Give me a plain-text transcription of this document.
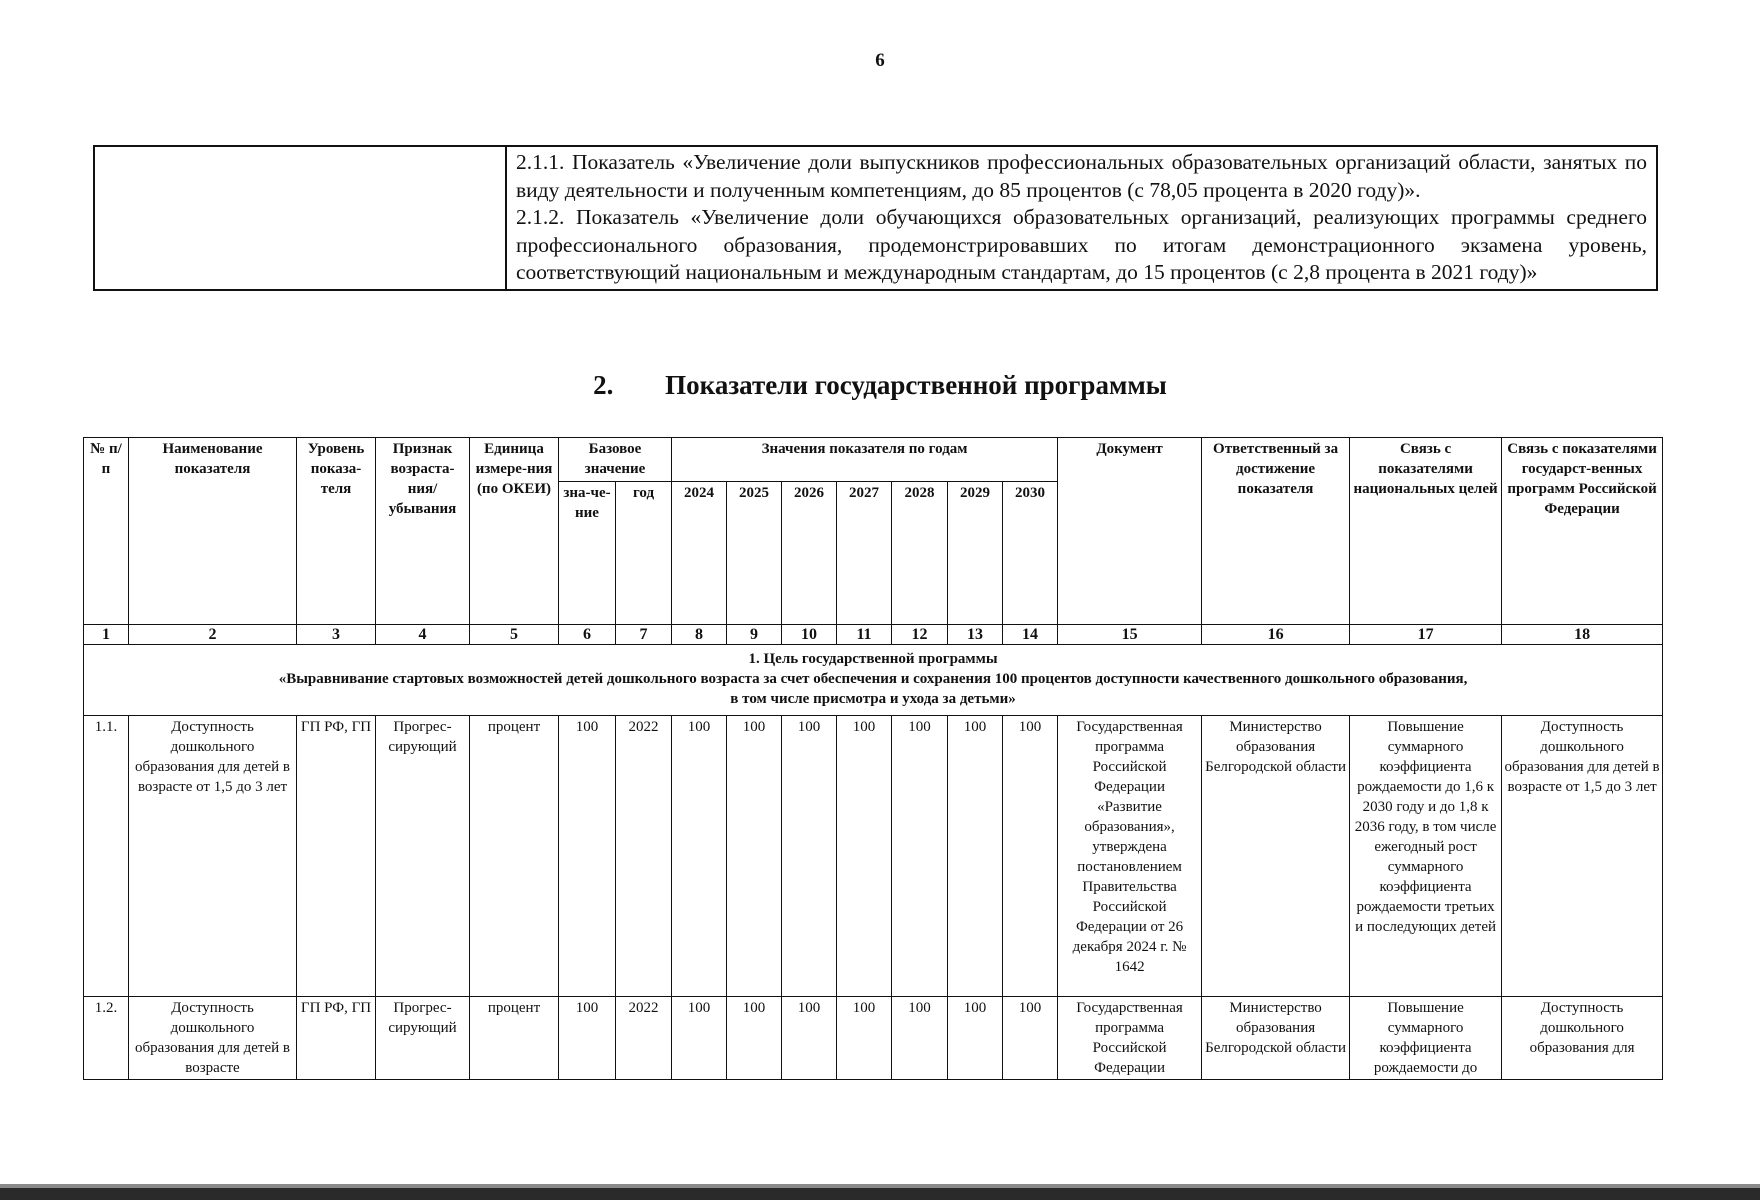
6

2.1.1. Показатель «Увеличение доли выпускников профессиональных образовательных организаций области, занятых по виду деятельности и полученным компетенциям, до 85 процентов (с 78,05 процента в 2020 году)».

2.1.2. Показатель «Увеличение доли обучающихся образовательных организаций, реализующих программы среднего профессионального образования, продемонстрировавших по итогам демонстрационного экзамена уровень, соответствующий национальным и международным стандартам, до 15 процентов (с 2,8 процента в 2021 году)»

2. Показатели государственной программы
№ п/п	Наименование показателя	Уровень показа-теля	Признак возраста-ния/ убывания	Единица измере-ния (по ОКЕИ)	Базовое значение		Значения показателя по годам							Документ	Ответственный за достижение показателя	Связь с показателями национальных целей	Связь с показателями государст-венных программ Российской Федерации
					зна-че-ние	год	2024	2025	2026	2027	2028	2029	2030				
1	2	3	4	5	6	7	8	9	10	11	12	13	14	15	16	17	18

1. Цель государственной программы
«Выравнивание стартовых возможностей детей дошкольного возраста за счет обеспечения и сохранения 100 процентов доступности качественного дошкольного образования,
в том числе присмотра и ухода за детьми»																	

1.1.	Доступность дошкольного образования для детей в возрасте от 1,5 до 3 лет	ГП РФ, ГП	Прогрес-сирующий	процент	100	2022	100	100	100	100	100	100	100	Государственная программа Российской Федерации «Развитие образования», утверждена постановлением Правительства Российской Федерации от 26 декабря 2024 г. № 1642	Министерство образования Белгородской области	Повышение суммарного коэффициента рождаемости до 1,6 к 2030 году и до 1,8 к 2036 году, в том числе ежегодный рост суммарного коэффициента рождаемости третьих и последующих детей	Доступность дошкольного образования для детей в возрасте от 1,5 до 3 лет
1.2.	Доступность дошкольного образования для детей в возрасте	ГП РФ, ГП	Прогрес-сирующий	процент	100	2022	100	100	100	100	100	100	100	Государственная программа Российской Федерации	Министерство образования Белгородской области	Повышение суммарного коэффициента рождаемости до	Доступность дошкольного образования для
